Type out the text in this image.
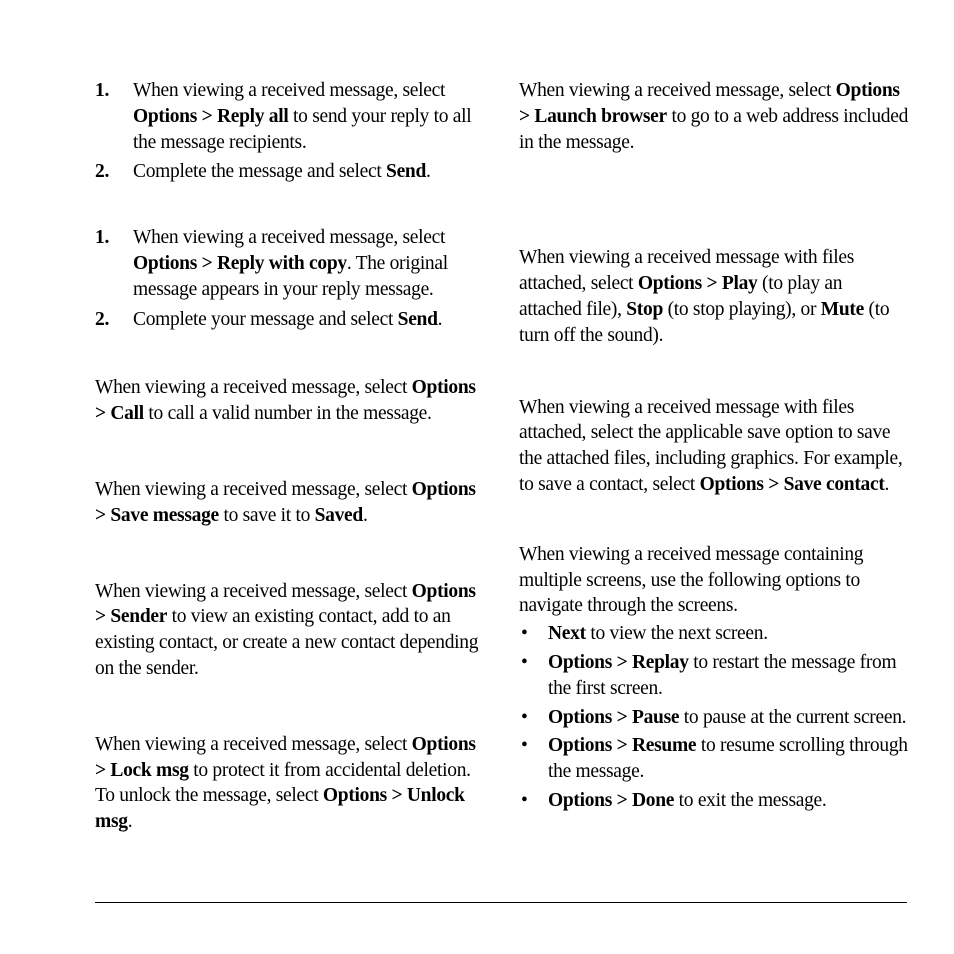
1. When viewing a received message, select Options > Reply all to send your reply to all the message recipients.
2. Complete the message and select Send.
1. When viewing a received message, select Options > Reply with copy. The original message appears in your reply message.
2. Complete your message and select Send.

When viewing a received message, select Options > Call to call a valid number in the message.

When viewing a received message, select Options > Save message to save it to Saved.

When viewing a received message, select Options > Sender to view an existing contact, add to an existing contact, or create a new contact depending on the sender.

When viewing a received message, select Options > Lock msg to protect it from accidental deletion. To unlock the message, select Options > Unlock msg.

When viewing a received message, select Options > Launch browser to go to a web address included in the message.

When viewing a received message with files attached, select Options > Play (to play an attached file), Stop (to stop playing), or Mute (to turn off the sound).

When viewing a received message with files attached, select the applicable save option to save the attached files, including graphics. For example, to save a contact, select Options > Save contact.

When viewing a received message containing multiple screens, use the following options to navigate through the screens.

• Next to view the next screen.
• Options > Replay to restart the message from the first screen.
• Options > Pause to pause at the current screen.
• Options > Resume to resume scrolling through the message.
• Options > Done to exit the message.
